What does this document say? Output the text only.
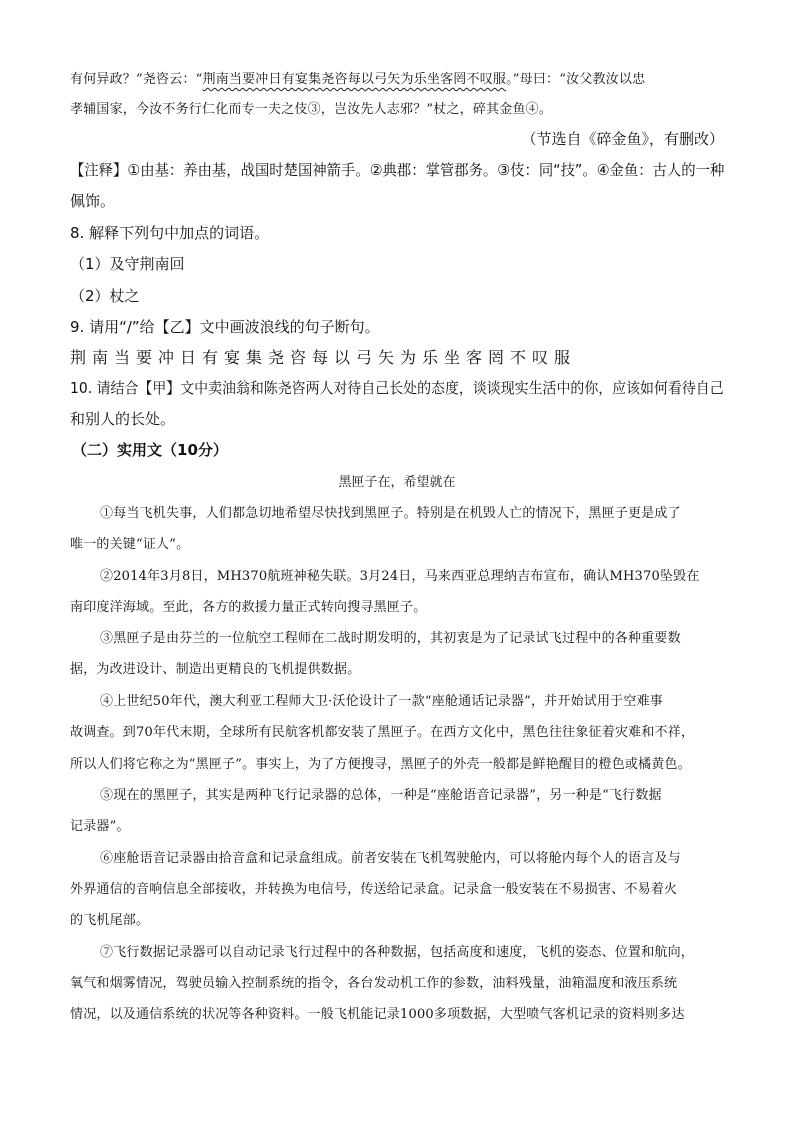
有何异政？”尧咨云：“荆南当要冲日有宴集尧咨每以弓矢为乐坐客罔不叹服。”母曰：“汝父教汝以忠
孝辅国家，今汝不务行仁化而专一夫之伎③，岂汝先人志邪？”杖之，碎其金鱼④。
（节选自《碎金鱼》，有删改）
【注释】①由基：养由基，战国时楚国神箭手。②典郡：掌管郡务。③伎：同“技”。④金鱼：古人的一种
佩饰。
8. 解释下列句中加点的词语。
（1）及守荆南回
（2）杖之
9. 请用“/”给【乙】文中画波浪线的句子断句。
荆南当要冲日有宴集尧咨每以弓矢为乐坐客罔不叹服
10. 请结合【甲】文中卖油翁和陈尧咨两人对待自己长处的态度，谈谈现实生活中的你，应该如何看待自己
和别人的长处。
（二）实用文（10分）
黑匣子在，希望就在
①每当飞机失事，人们都急切地希望尽快找到黑匣子。特别是在机毁人亡的情况下，黑匣子更是成了
唯一的关键“证人”。
②2014年3月8日，MH370航班神秘失联。3月24日，马来西亚总理纳吉布宣布，确认MH370坠毁在
南印度洋海域。至此，各方的救援力量正式转向搜寻黑匣子。
③黑匣子是由芬兰的一位航空工程师在二战时期发明的，其初衷是为了记录试飞过程中的各种重要数
据，为改进设计、制造出更精良的飞机提供数据。
④上世纪50年代，澳大利亚工程师大卫·沃伦设计了一款“座舱通话记录器”，并开始试用于空难事
故调查。到70年代末期，全球所有民航客机都安装了黑匣子。在西方文化中，黑色往往象征着灾难和不祥，
所以人们将它称之为“黑匣子”。事实上，为了方便搜寻，黑匣子的外壳一般都是鲜艳醒目的橙色或橘黄色。
⑤现在的黑匣子，其实是两种飞行记录器的总体，一种是“座舱语音记录器”，另一种是“飞行数据
记录器”。
⑥座舱语音记录器由拾音盒和记录盒组成。前者安装在飞机驾驶舱内，可以将舱内每个人的语言及与
外界通信的音响信息全部接收，并转换为电信号，传送给记录盒。记录盒一般安装在不易损害、不易着火
的飞机尾部。
⑦飞行数据记录器可以自动记录飞行过程中的各种数据，包括高度和速度，飞机的姿态、位置和航向，
氧气和烟雾情况，驾驶员输入控制系统的指令，各台发动机工作的参数，油料残量，油箱温度和液压系统
情况，以及通信系统的状况等各种资料。一般飞机能记录1000多项数据，大型喷气客机记录的资料则多达
